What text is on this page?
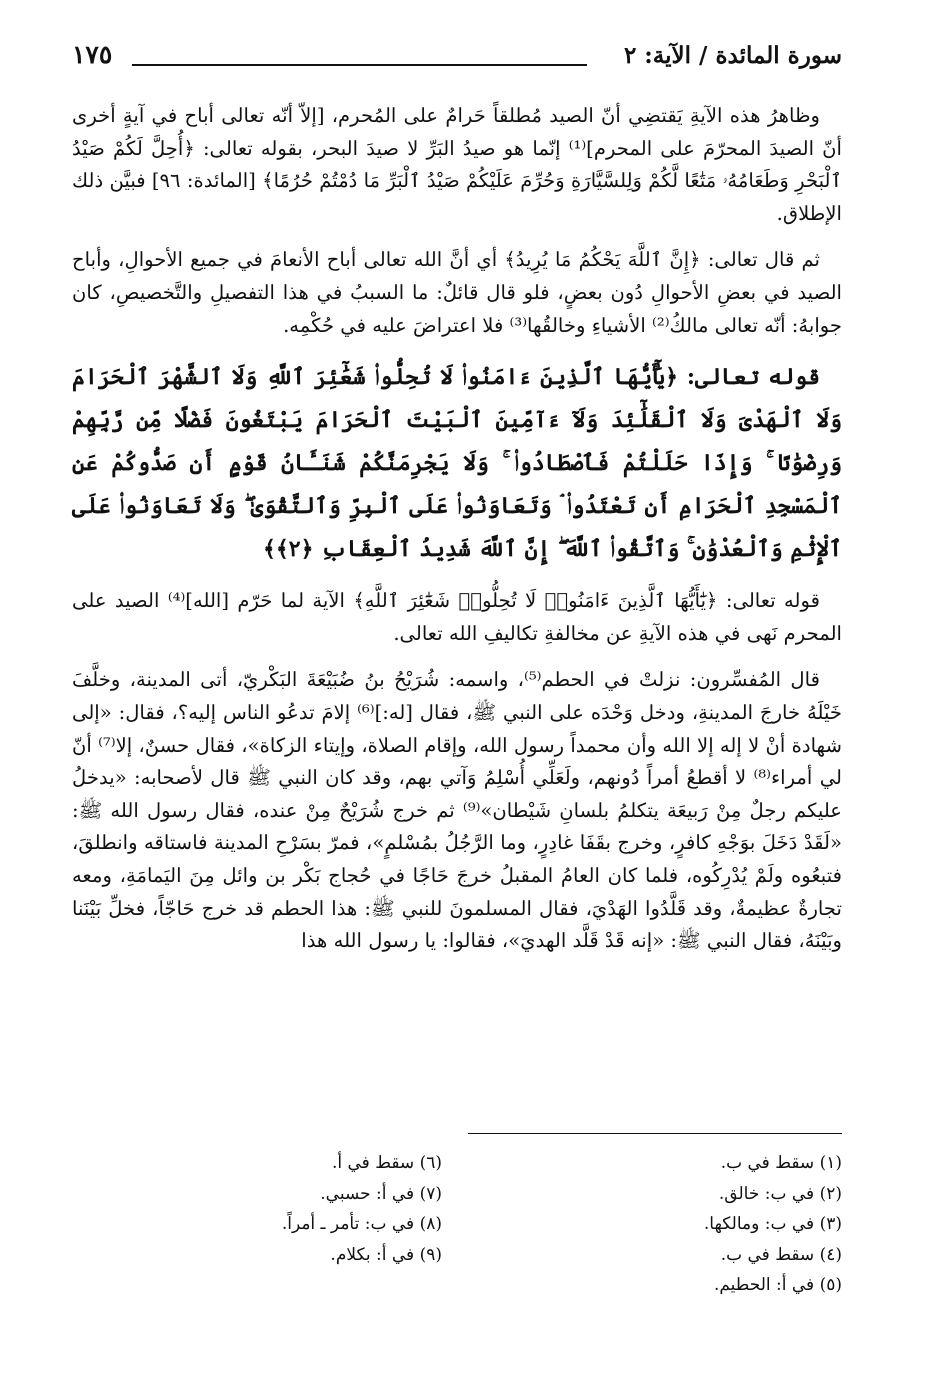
سورة المائدة / الآية: ٢
١٧٥

وظاهرُ هذه الآيةِ يَقتضِي أنّ الصيد مُطلقاً حَرامٌ على المُحرم، [إلاّ أنّه تعالى أباح في آيةٍ أخرى أنّ الصيدَ المحرّمَ على المحرم]⁽¹⁾ إنّما هو صيدُ البَرِّ لا صيدَ البحر، بقوله تعالى: ﴿أُحِلَّ لَكُمْ صَيْدُ ٱلْبَحْرِ وَطَعَامُهُۥ مَتَٰعًا لَّكُمْ وَلِلسَّيَّارَةِ وَحُرِّمَ عَلَيْكُمْ صَيْدُ ٱلْبَرِّ مَا دُمْتُمْ حُرُمًا﴾ [المائدة: ٩٦] فبيَّن ذلك الإطلاق.

ثم قال تعالى: ﴿إِنَّ ٱللَّهَ يَحْكُمُ مَا يُرِيدُ﴾ أي أنَّ الله تعالى أباح الأنعامَ في جميع الأحوالِ، وأباح الصيد في بعضِ الأحوالِ دُون بعضٍ، فلو قال قائلٌ: ما السببُ في هذا التفصيلِ والتَّخصيصِ، كان جوابهُ: أنّه تعالى مالكُ⁽²⁾ الأشياءِ وخالقُها⁽³⁾ فلا اعتراضَ عليه في حُكْمِه.

قوله تعالى: ﴿يَٰٓأَيُّهَا ٱلَّذِينَ ءَامَنُوا۟ لَا تُحِلُّوا۟ شَعَٰٓئِرَ ٱللَّهِ وَلَا ٱلشَّهْرَ ٱلْحَرَامَ وَلَا ٱلْهَدْىَ وَلَا ٱلْقَلَٰٓئِدَ وَلَآ ءَآمِّينَ ٱلْبَيْتَ ٱلْحَرَامَ يَبْتَغُونَ فَضْلًا مِّن رَّبِّهِمْ وَرِضْوَٰنًا ۚ وَإِذَا حَلَلْتُمْ فَٱصْطَادُوا۟ ۚ وَلَا يَجْرِمَنَّكُمْ شَنَـَٔانُ قَوْمٍ أَن صَدُّوكُمْ عَنِ ٱلْمَسْجِدِ ٱلْحَرَامِ أَن تَعْتَدُوا۟ ۘ وَتَعَاوَنُوا۟ عَلَى ٱلْبِرِّ وَٱلتَّقْوَىٰ ۖ وَلَا تَعَاوَنُوا۟ عَلَى ٱلْإِثْمِ وَٱلْعُدْوَٰنِ ۚ وَٱتَّقُوا۟ ٱللَّهَ ۖ إِنَّ ٱللَّهَ شَدِيدُ ٱلْعِقَابِ ﴿٢﴾﴾

قوله تعالى: ﴿يَٰٓأَيُّهَا ٱلَّذِينَ ءَامَنُوا۟ لَا تُحِلُّوا۟ شَعَٰٓئِرَ ٱللَّهِ﴾ الآية لما حَرّم [الله]⁽⁴⁾ الصيد على المحرم نَهى في هذه الآيةِ عن مخالفةِ تكاليفِ الله تعالى.

قال المُفسِّرون: نزلتْ في الحطم⁽⁵⁾، واسمه: شُرَيْحُ بنُ ضُبَيْعَةَ البَكْريّ، أتى المدينة، وخلَّفَ خَيْلَهُ خارجَ المدينةِ، ودخل وَحْدَه على النبي ﷺ، فقال [له:]⁽⁶⁾ إلامَ تدعُو الناس إليه؟، فقال: «إلى شهادة أنْ لا إله إلا الله وأن محمداً رسول الله، وإقام الصلاة، وإيتاء الزكاة»، فقال حسنٌ، إلا⁽⁷⁾ أنّ لي أمراء⁽⁸⁾ لا أقطعُ أمراً دُونهم، ولَعَلِّي أُسْلِمُ وَآتي بهم، وقد كان النبي ﷺ قال لأصحابه: «يدخلُ عليكم رجلٌ مِنْ رَبيعَة يتكلمُ بلسانِ شَيْطان»⁽⁹⁾ ثم خرج شُرَيْحٌ مِنْ عنده، فقال رسول الله ﷺ: «لَقَدْ دَخَلَ بوَجْهِ كافرٍ، وخرج بقَفَا غادِرٍ، وما الرَّجُلُ بمُسْلمٍ»، فمرّ بسَرْحِ المدينة فاستاقه وانطلقَ، فتبعُوه ولَمْ يُدْرِكُوه، فلما كان العامُ المقبلُ خرجَ حَاجًا في حُجاج بَكْر بن وائل مِنَ اليَمامَةِ، ومعه تجارةٌ عظيمةٌ، وقد قَلَّدُوا الهَدْيَ، فقال المسلمونَ للنبي ﷺ: هذا الحطم قد خرج حَاجّاً، فخلِّ بَيْنَنا وبَيْنَهُ، فقال النبي ﷺ: «إنه قَدْ قَلَّد الهديَ»، فقالوا: يا رسول الله هذا

(١) سقط في ب.
(٢) في ب: خالق.
(٣) في ب: ومالكها.
(٤) سقط في ب.
(٥) في أ: الحطيم.
(٦) سقط في أ.
(٧) في أ: حسبي.
(٨) في ب: تأمر ـ أمراً.
(٩) في أ: بكلام.
